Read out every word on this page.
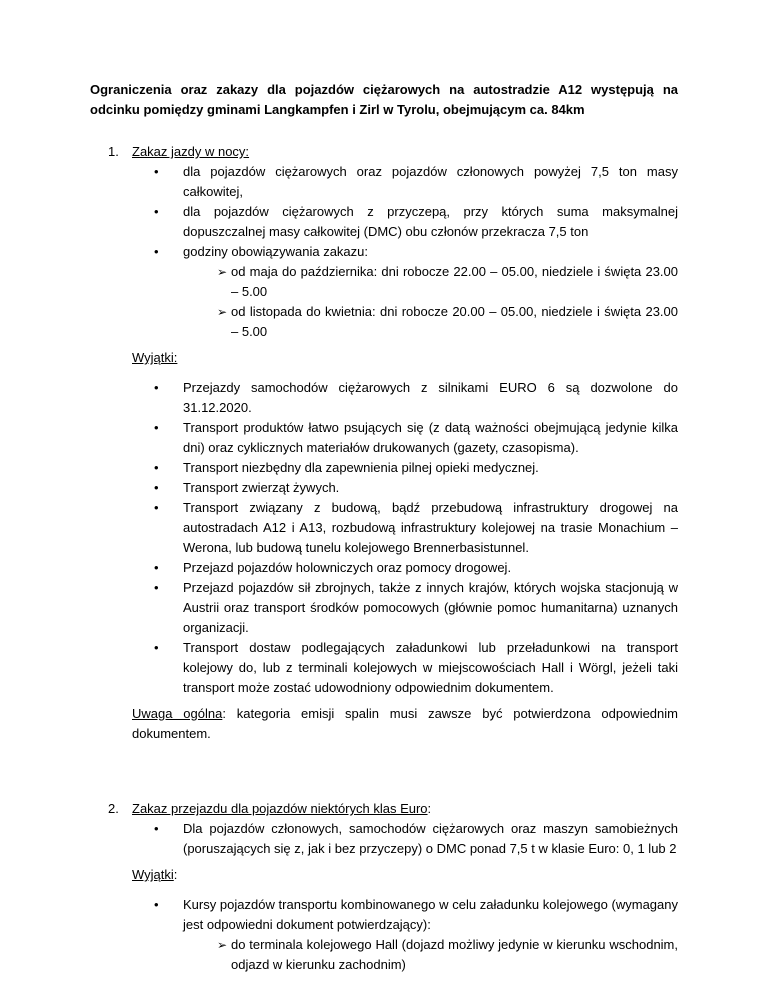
Ograniczenia oraz zakazy dla pojazdów ciężarowych na autostradzie A12 występują na odcinku pomiędzy gminami Langkampfen i Zirl w Tyrolu, obejmującym ca. 84km

1. Zakaz jazdy w nocy:
• dla pojazdów ciężarowych oraz pojazdów członowych powyżej 7,5 ton masy całkowitej,
• dla pojazdów ciężarowych z przyczepą, przy których suma maksymalnej dopuszczalnej masy całkowitej (DMC) obu członów przekracza 7,5 ton
• godziny obowiązywania zakazu:
➢ od maja do października: dni robocze 22.00 – 05.00, niedziele i święta 23.00 – 5.00
➢ od listopada do kwietnia: dni robocze 20.00 – 05.00, niedziele i święta 23.00 – 5.00
Wyjątki:
• Przejazdy samochodów ciężarowych z silnikami EURO 6 są dozwolone do 31.12.2020.
• Transport produktów łatwo psujących się (z datą ważności obejmującą jedynie kilka dni) oraz cyklicznych materiałów drukowanych (gazety, czasopisma).
• Transport niezbędny dla zapewnienia pilnej opieki medycznej.
• Transport zwierząt żywych.
• Transport związany z budową, bądź przebudową infrastruktury drogowej na autostradach A12 i A13, rozbudową infrastruktury kolejowej na trasie Monachium – Werona, lub budową tunelu kolejowego Brennerbasistunnel.
• Przejazd pojazdów holowniczych oraz pomocy drogowej.
• Przejazd pojazdów sił zbrojnych, także z innych krajów, których wojska stacjonują w Austrii oraz transport środków pomocowych (głównie pomoc humanitarna) uznanych organizacji.
• Transport dostaw podlegających załadunkowi lub przeładunkowi na transport kolejowy do, lub z terminali kolejowych w miejscowościach Hall i Wörgl, jeżeli taki transport może zostać udowodniony odpowiednim dokumentem.

Uwaga ogólna: kategoria emisji spalin musi zawsze być potwierdzona odpowiednim dokumentem.

2. Zakaz przejazdu dla pojazdów niektórych klas Euro:
• Dla pojazdów członowych, samochodów ciężarowych oraz maszyn samobieżnych (poruszających się z, jak i bez przyczepy) o DMC ponad 7,5 t w klasie Euro: 0, 1 lub 2
Wyjątki:
• Kursy pojazdów transportu kombinowanego w celu załadunku kolejowego (wymagany jest odpowiedni dokument potwierdzający):
➢ do terminala kolejowego Hall (dojazd możliwy jedynie w kierunku wschodnim, odjazd w kierunku zachodnim)
